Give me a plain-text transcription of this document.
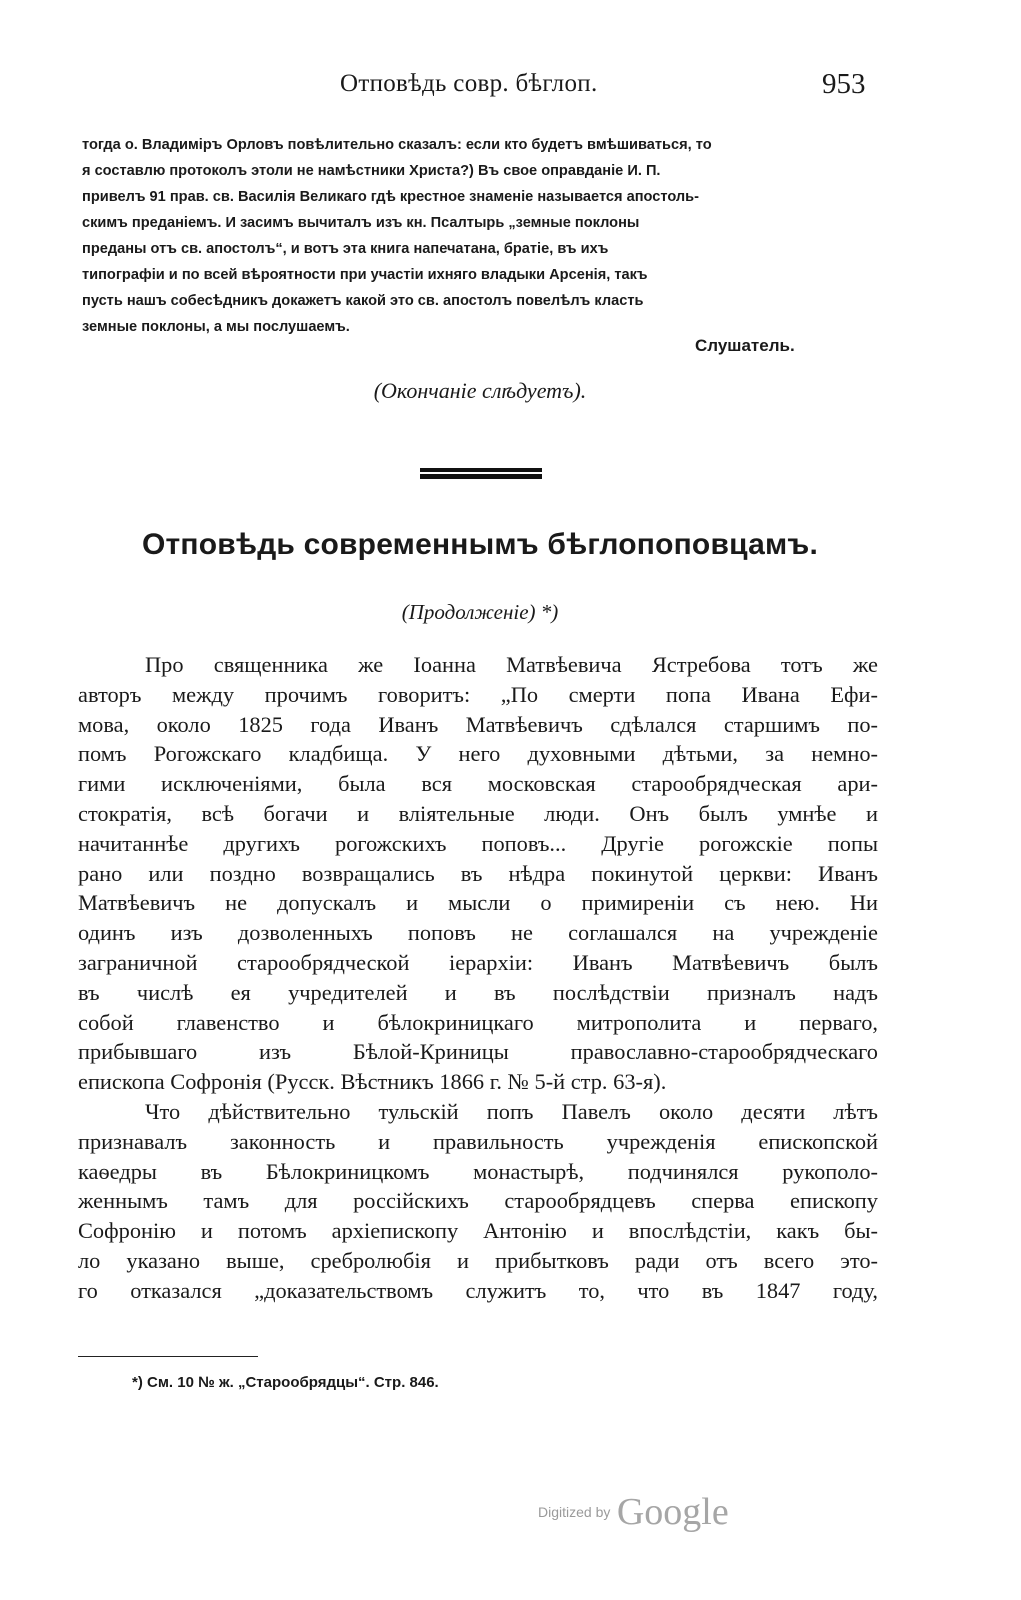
Отповѣдь совр. бѣглоп.	953

тогда о. Владиміръ Орловъ повѣлительно сказалъ: если кто будетъ вмѣшиваться, то

я составлю протоколъ этоли не намѣстники Христа?) Въ свое оправданіе И. П.

привелъ 91 прав. св. Василія Великаго гдѣ крестное знаменіе называется апостоль-

скимъ преданіемъ. И засимъ вычиталъ изъ кн. Псалтырь „земные поклоны

преданы отъ св. апостолъ“, и вотъ эта книга напечатана, братіе, въ ихъ

типографіи и по всей вѣроятности при участіи ихняго владыки Арсенія, такъ

пусть нашъ собесѣдникъ докажетъ какой это св. апостолъ повелѣлъ класть

земные поклоны, а мы послушаемъ.

Слушатель.
(Окончаніе слѣдуетъ).
Отповѣдь современнымъ бѣглопоповцамъ.
(Продолженіе) *)

Про священника же Іоанна Матвѣевича Ястребова тотъ же

авторъ между прочимъ говоритъ: „По смерти попа Ивана Ефи-

мова, около 1825 года Иванъ Матвѣевичъ сдѣлался старшимъ по-

помъ Рогожскаго кладбища. У него духовными дѣтьми, за немно-

гими исключеніями, была вся московская старообрядческая ари-

стократія, всѣ богачи и вліятельные люди. Онъ былъ умнѣе и

начитаннѣе другихъ рогожскихъ поповъ... Другіе рогожскіе попы

рано или поздно возвращались въ нѣдра покинутой церкви: Иванъ

Матвѣевичъ не допускалъ и мысли о примиреніи съ нею. Ни

одинъ изъ дозволенныхъ поповъ не соглашался на учрежденіе

заграничной старообрядческой іерархіи: Иванъ Матвѣевичъ былъ

въ числѣ ея учредителей и въ послѣдствіи призналъ надъ

собой главенство и бѣлокриницкаго митрополита и перваго,

прибывшаго изъ Бѣлой-Криницы православно-старообрядческаго

епископа Софронія (Русск. Вѣстникъ 1866 г. № 5-й стр. 63-я).

Что дѣйствительно тульскій попъ Павелъ около десяти лѣтъ

признавалъ законность и правильность учрежденія епископской

каѳедры въ Бѣлокриницкомъ монастырѣ, подчинялся рукополо-

женнымъ тамъ для россійскихъ старообрядцевъ сперва епископу

Софронію и потомъ архіепископу Антонію и впослѣдстіи, какъ бы-

ло указано выше, сребролюбія и прибытковъ ради отъ всего это-

го отказался „доказательствомъ служитъ то, что въ 1847 году,

*) См. 10 № ж. „Старообрядцы“. Стр. 846.
Digitized by Google
